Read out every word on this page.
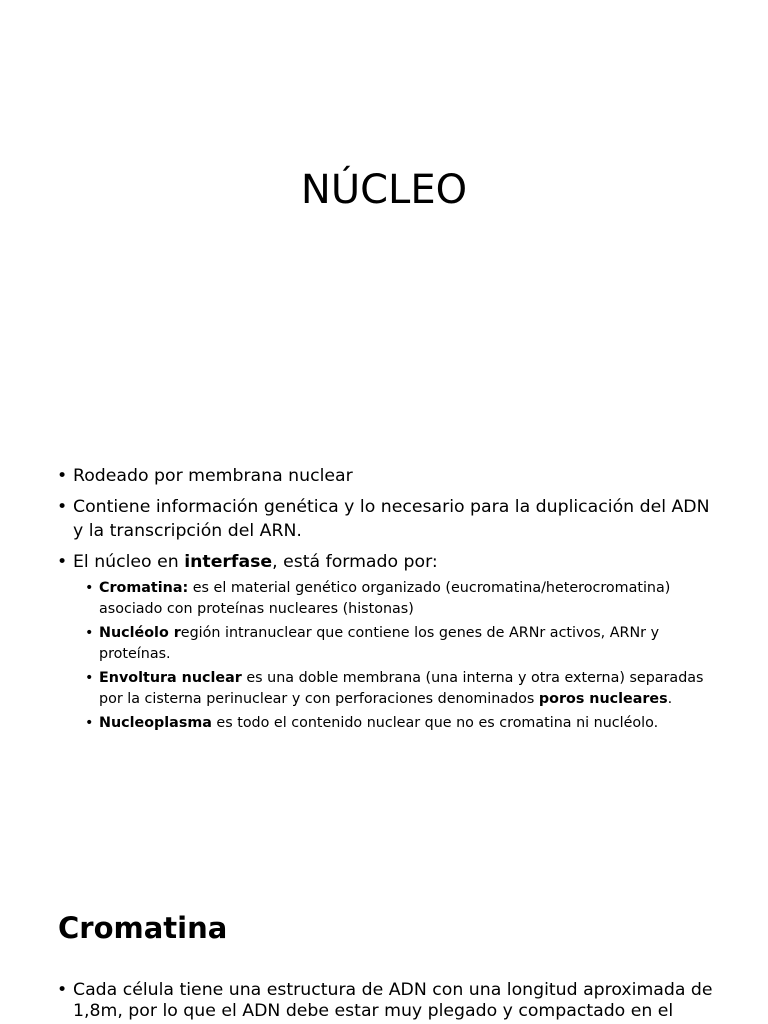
NÚCLEO
• Rodeado por membrana nuclear
• Contiene información genética y lo necesario para la duplicación del ADN y la transcripción del ARN.
• El núcleo en interfase, está formado por:
• Cromatina: es el material genético organizado (eucromatina/heterocromatina) asociado con proteínas nucleares (histonas)
• Nucléolo región intranuclear que contiene los genes de ARNr activos, ARNr y proteínas.
• Envoltura nuclear es una doble membrana (una interna y otra externa) separadas por la cisterna perinuclear y con perforaciones denominados poros nucleares.
• Nucleoplasma es todo el contenido nuclear que no es cromatina ni nucléolo.
Cromatina
• Cada célula tiene una estructura de ADN con una longitud aproximada de 1,8m, por lo que el ADN debe estar muy plegado y compactado en el
